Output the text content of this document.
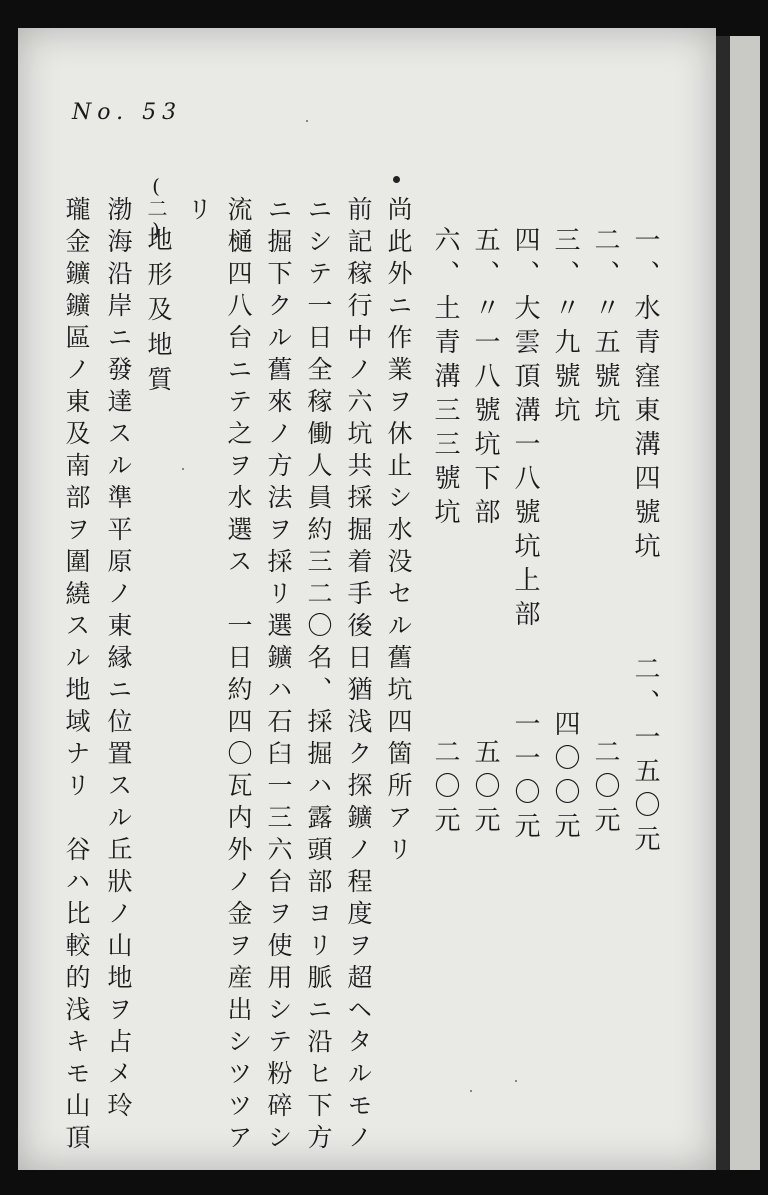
No. 53
一、水青窪東溝四號坑
二、〃五號坑
三、〃九號坑
四、大雲頂溝一八號坑上部
五、〃一八號坑下部
六、土青溝三三號坑
二、一五〇元
二〇元
四〇〇元
一一〇元
五〇元
二〇元
尚此外ニ作業ヲ休止シ水没セル舊坑四箇所アリ
前記稼行中ノ六坑共採掘着手後日猶浅ク探鑛ノ程度ヲ超ヘタルモノ
ニシテ一日全稼働人員約三二〇名、採掘ハ露頭部ヨリ脈ニ沿ヒ下方
ニ掘下クル舊來ノ方法ヲ採リ選鑛ハ石臼一三六台ヲ使用シテ粉碎シ
流樋四八台ニテ之ヲ水選ス　一日約四〇瓦内外ノ金ヲ産出シツツア
リ
(二)
地形及地質
渤海沿岸ニ發達スル準平原ノ東縁ニ位置スル丘狀ノ山地ヲ占メ玲
瓏金鑛鑛區ノ東及南部ヲ圍繞スル地域ナリ　谷ハ比較的浅キモ山頂
